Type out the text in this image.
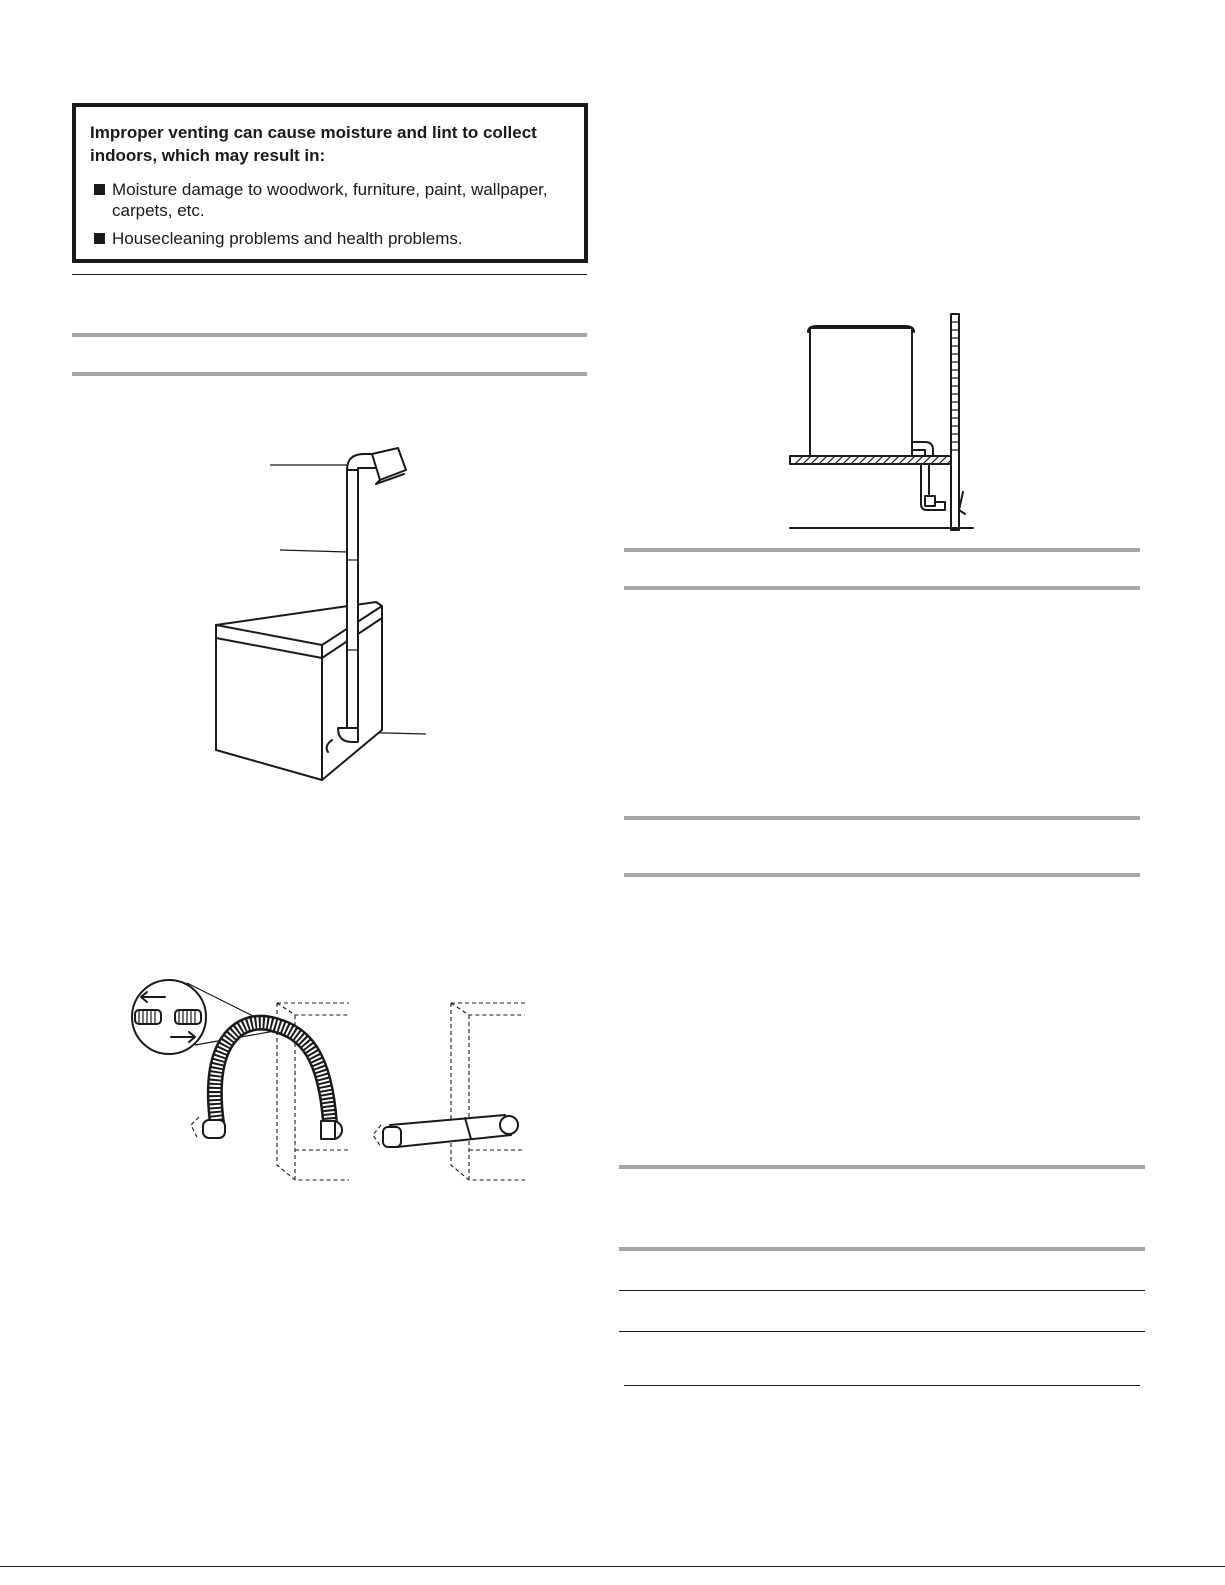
Improper venting can cause moisture and lint to collect indoors, which may result in:
Moisture damage to woodwork, furniture, paint, wallpaper, carpets, etc.
Housecleaning problems and health problems.
